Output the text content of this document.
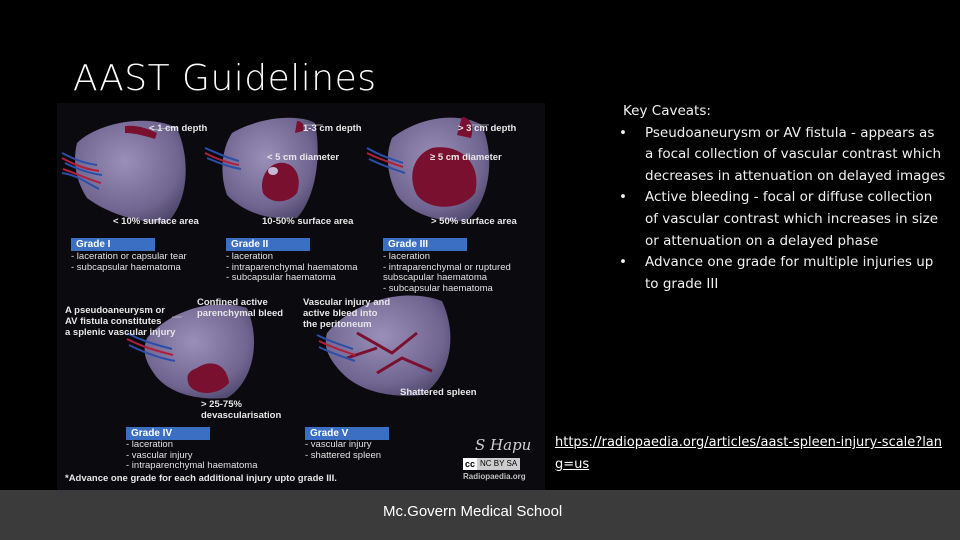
AAST Guidelines
< 1 cm depth	1-3 cm depth	> 3 cm depth
< 5 cm diameter	≥ 5 cm diameter
< 10% surface area	10-50% surface area	> 50% surface area
Grade I
- laceration or capsular tear
- subcapsular haematoma
Grade II
- laceration
- intraparenchymal haematoma
- subcapsular haematoma
Grade III
- laceration
- intraparenchymal or ruptured
subscapular haematoma
- subcapsular haematoma
A pseudoaneurysm or
AV fistula constitutes
a splenic vascular injury
Confined active
parenchymal bleed
Vascular injury and
active bleed into
the peritoneum
> 25-75%
devascularisation
Shattered spleen
Grade IV
- laceration
- vascular injury
- intraparenchymal haematoma
Grade V
- vascular injury
- shattered spleen
*Advance one grade for each additional injury upto grade III.
S Hapu
cc NC BY SA
Radiopaedia.org
Key Caveats:
• Pseudoaneurysm or AV fistula - appears as a focal collection of vascular contrast which decreases in attenuation on delayed images
• Active bleeding - focal or diffuse collection of vascular contrast which increases in size or attenuation on a delayed phase
• Advance one grade for multiple injuries up to grade III
https://radiopaedia.org/articles/aast-spleen-injury-scale?lang=us
Mc.Govern Medical School
